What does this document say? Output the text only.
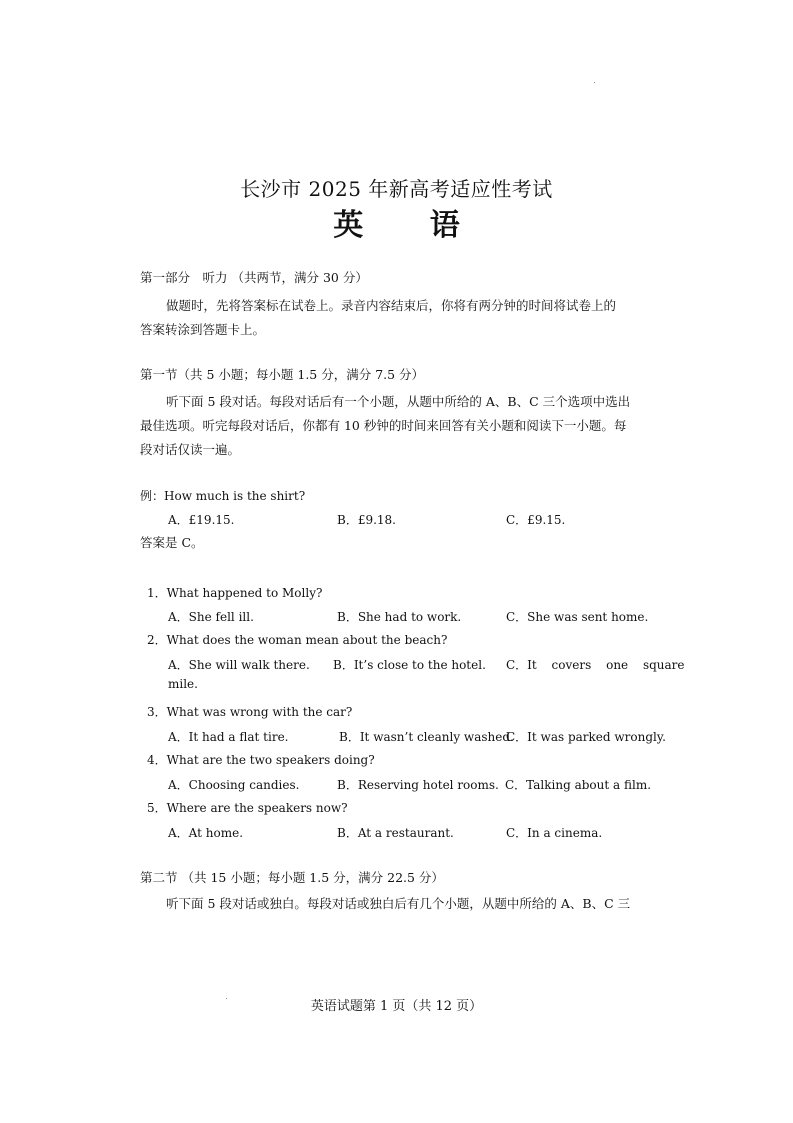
长沙市 2025 年新高考适应性考试
英 语
第一部分　听力 （共两节，满分 30 分）
做题时，先将答案标在试卷上。录音内容结束后，你将有两分钟的时间将试卷上的
答案转涂到答题卡上。
第一节（共 5 小题；每小题 1.5 分，满分 7.5 分）
听下面 5 段对话。每段对话后有一个小题，从题中所给的 A、B、C 三个选项中选出
最佳选项。听完每段对话后，你都有 10 秒钟的时间来回答有关小题和阅读下一小题。每
段对话仅读一遍。
例：How much is the shirt?
A．£19.15.	B．£9.18.	C．£9.15.
答案是 C。
1．What happened to Molly?
A．She fell ill.	B．She had to work.	C．She was sent home.
2．What does the woman mean about the beach?
A．She will walk there. B．It’s close to the hotel. C．It covers one square
mile.
3．What was wrong with the car?
A．It had a flat tire.	B．It wasn’t cleanly washed.
C．It was parked wrongly.
4．What are the two speakers doing?
A．Choosing candies.	B．Reserving hotel rooms. C．Talking about a film.
5．Where are the speakers now?
A．At home.	B．At a restaurant.	C．In a cinema.
第二节 （共 15 小题；每小题 1.5 分，满分 22.5 分）
听下面 5 段对话或独白。每段对话或独白后有几个小题，从题中所给的 A、B、C 三
英语试题第 1 页（共 12 页）
